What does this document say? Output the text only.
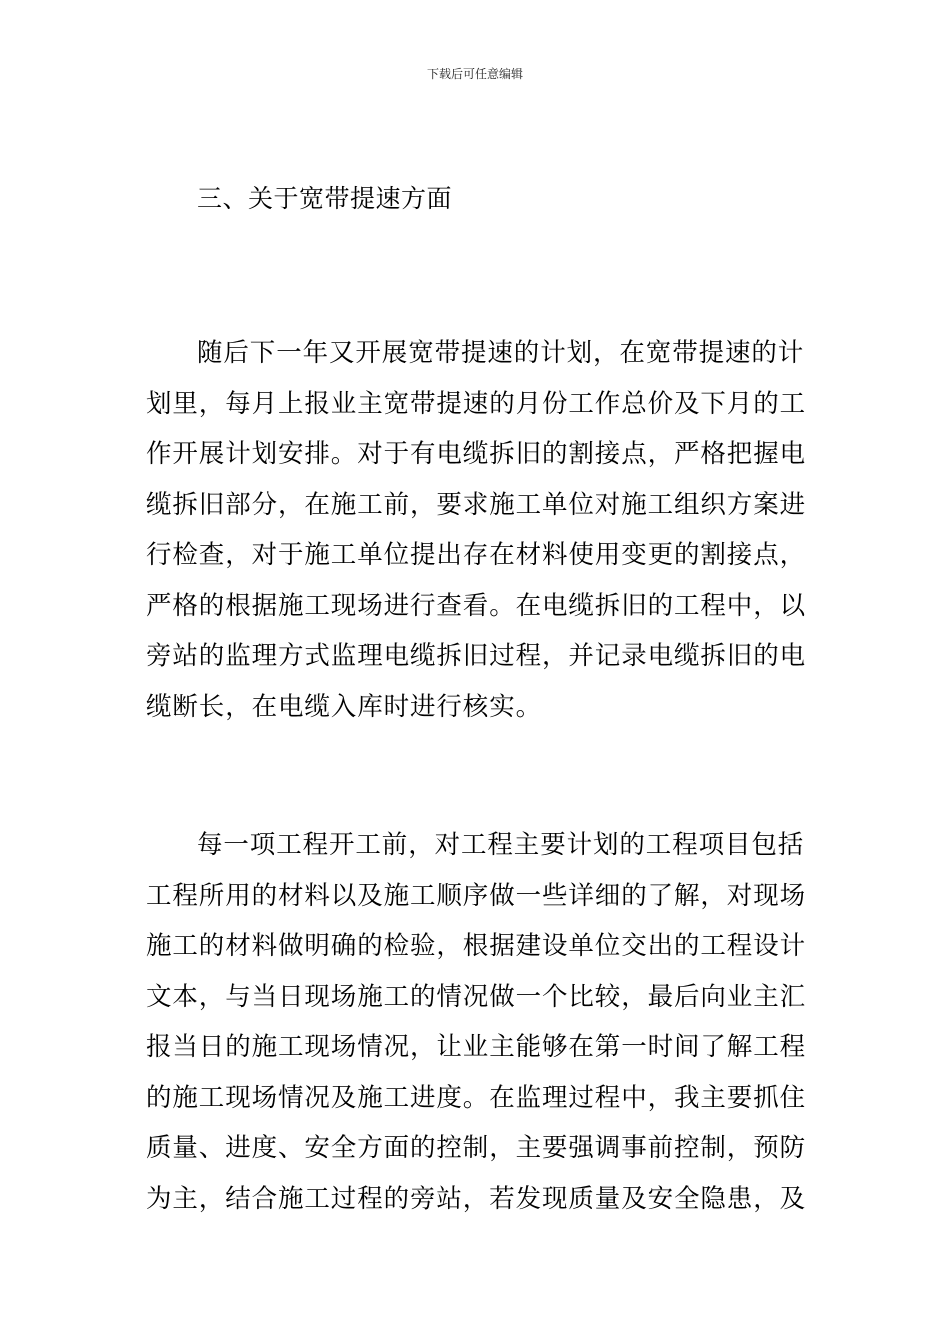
下载后可任意编辑
三、关于宽带提速方面
随后下一年又开展宽带提速的计划，在宽带提速的计
划里，每月上报业主宽带提速的月份工作总价及下月的工
作开展计划安排。对于有电缆拆旧的割接点，严格把握电
缆拆旧部分，在施工前，要求施工单位对施工组织方案进
行检查，对于施工单位提出存在材料使用变更的割接点，
严格的根据施工现场进行查看。在电缆拆旧的工程中，以
旁站的监理方式监理电缆拆旧过程，并记录电缆拆旧的电
缆断长，在电缆入库时进行核实。
每一项工程开工前，对工程主要计划的工程项目包括
工程所用的材料以及施工顺序做一些详细的了解，对现场
施工的材料做明确的检验，根据建设单位交出的工程设计
文本，与当日现场施工的情况做一个比较，最后向业主汇
报当日的施工现场情况，让业主能够在第一时间了解工程
的施工现场情况及施工进度。在监理过程中，我主要抓住
质量、进度、安全方面的控制，主要强调事前控制，预防
为主，结合施工过程的旁站，若发现质量及安全隐患，及
